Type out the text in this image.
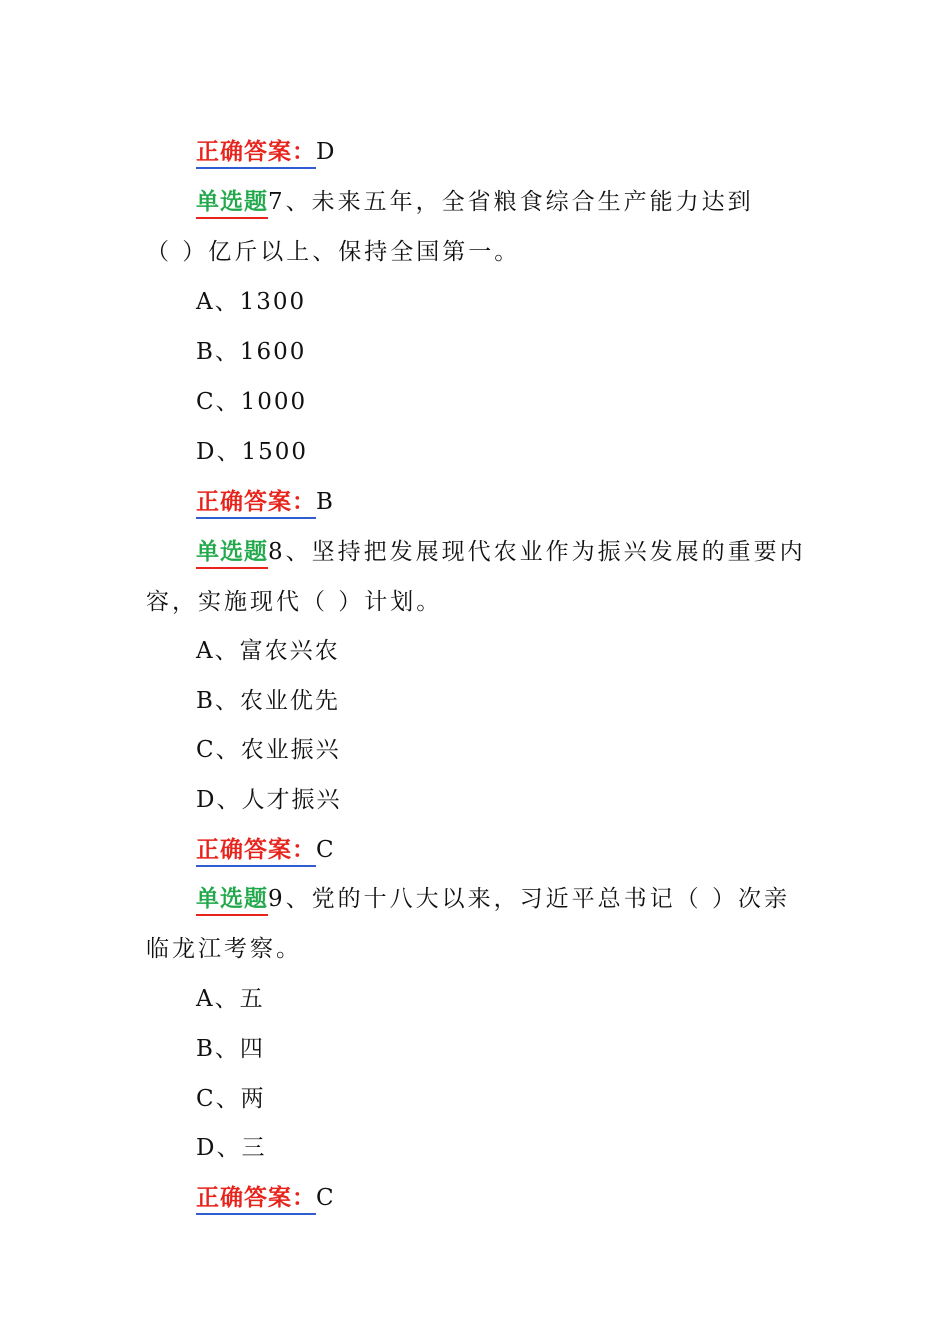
正确答案：D
单选题7、未来五年，全省粮食综合生产能力达到
（ ）亿斤以上、保持全国第一。
A、1300
B、1600
C、1000
D、1500
正确答案：B
单选题8、坚持把发展现代农业作为振兴发展的重要内
容，实施现代（ ）计划。
A、富农兴农
B、农业优先
C、农业振兴
D、人才振兴
正确答案：C
单选题9、党的十八大以来，习近平总书记（ ）次亲
临龙江考察。
A、五
B、四
C、两
D、三
正确答案：C
